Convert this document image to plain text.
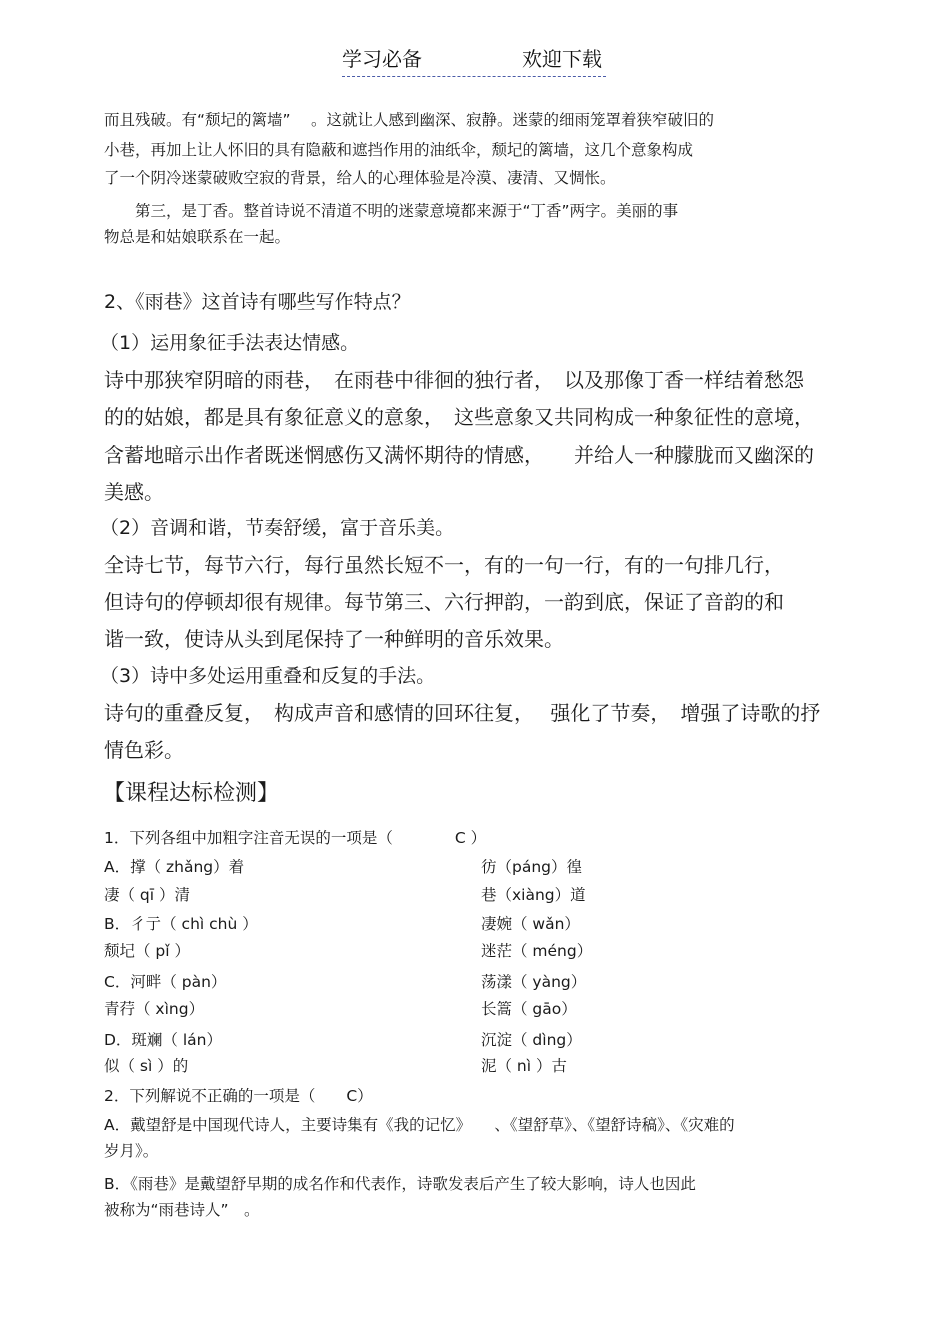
学习必备	欢迎下载
而且残破。有“颓圮的篱墙”　 。这就让人感到幽深、寂静。迷蒙的细雨笼罩着狭窄破旧的
小巷，再加上让人怀旧的具有隐蔽和遮挡作用的油纸伞，颓圮的篱墙，这几个意象构成
了一个阴冷迷蒙破败空寂的背景，给人的心理体验是冷漠、凄清、又惆怅。
　　第三，是丁香。整首诗说不清道不明的迷蒙意境都来源于“丁香”两字。美丽的事
物总是和姑娘联系在一起。
2、《雨巷》这首诗有哪些写作特点？
（1）运用象征手法表达情感。
诗中那狭窄阴暗的雨巷，　在雨巷中徘徊的独行者，　以及那像丁香一样结着愁怨
的的姑娘，都是具有象征意义的意象，　这些意象又共同构成一种象征性的意境，
含蓄地暗示出作者既迷惘感伤又满怀期待的情感，　　并给人一种朦胧而又幽深的
美感。
（2）音调和谐，节奏舒缓，富于音乐美。
全诗七节，每节六行，每行虽然长短不一，有的一句一行，有的一句排几行，
但诗句的停顿却很有规律。每节第三、六行押韵，一韵到底，保证了音韵的和
谐一致，使诗从头到尾保持了一种鲜明的音乐效果。
（3）诗中多处运用重叠和反复的手法。
诗句的重叠反复，　构成声音和感情的回环往复，　 强化了节奏，　增强了诗歌的抒
情色彩。
【课程达标检测】
1．下列各组中加粗字注音无误的一项是（　　　　C ）
A．撑（ zhǎng）着	彷（páng）徨
凄（ qī ）清	巷（xiàng）道
B．彳亍（ chì chù ）	凄婉（ wǎn）
颓圮（ pǐ ）	迷茫（ méng）
C．河畔（ pàn）	荡漾（ yàng）
青荇（ xìng）	长篙（ gāo）
D．斑斓（ lán）	沉淀（ dìng）
似（ sì ）的	泥（ nì ）古
2．下列解说不正确的一项是（　　C）
A．戴望舒是中国现代诗人，主要诗集有《我的记忆》　　、《望舒草》、《望舒诗稿》、《灾难的
岁月》。
B．《雨巷》是戴望舒早期的成名作和代表作，诗歌发表后产生了较大影响，诗人也因此
被称为“雨巷诗人”　。
